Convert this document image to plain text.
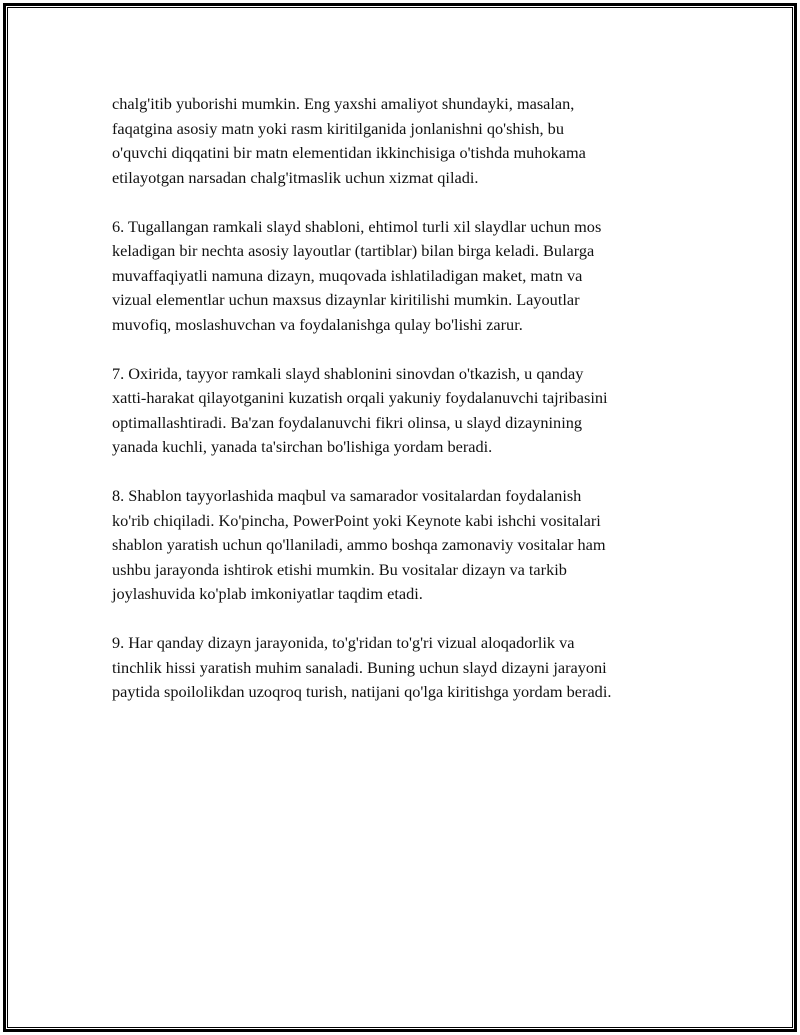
chalg'itib yuborishi mumkin. Eng yaxshi amaliyot shundayki, masalan,
faqatgina asosiy matn yoki rasm kiritilganida jonlanishni qo'shish, bu
o'quvchi diqqatini bir matn elementidan ikkinchisiga o'tishda muhokama
etilayotgan narsadan chalg'itmaslik uchun xizmat qiladi.

6. Tugallangan ramkali slayd shabloni, ehtimol turli xil slaydlar uchun mos
keladigan bir nechta asosiy layoutlar (tartiblar) bilan birga keladi. Bularga
muvaffaqiyatli namuna dizayn, muqovada ishlatiladigan maket, matn va
vizual elementlar uchun maxsus dizaynlar kiritilishi mumkin. Layoutlar
muvofiq, moslashuvchan va foydalanishga qulay bo'lishi zarur.

7. Oxirida, tayyor ramkali slayd shablonini sinovdan o'tkazish, u qanday
xatti-harakat qilayotganini kuzatish orqali yakuniy foydalanuvchi tajribasini
optimallashtiradi. Ba'zan foydalanuvchi fikri olinsa, u slayd dizaynining
yanada kuchli, yanada ta'sirchan bo'lishiga yordam beradi.

8. Shablon tayyorlashida maqbul va samarador vositalardan foydalanish
ko'rib chiqiladi. Ko'pincha, PowerPoint yoki Keynote kabi ishchi vositalari
shablon yaratish uchun qo'llaniladi, ammo boshqa zamonaviy vositalar ham
ushbu jarayonda ishtirok etishi mumkin. Bu vositalar dizayn va tarkib
joylashuvida ko'plab imkoniyatlar taqdim etadi.

9. Har qanday dizayn jarayonida, to'g'ridan to'g'ri vizual aloqadorlik va
tinchlik hissi yaratish muhim sanaladi. Buning uchun slayd dizayni jarayoni
paytida spoilolikdan uzoqroq turish, natijani qo'lga kiritishga yordam beradi.
